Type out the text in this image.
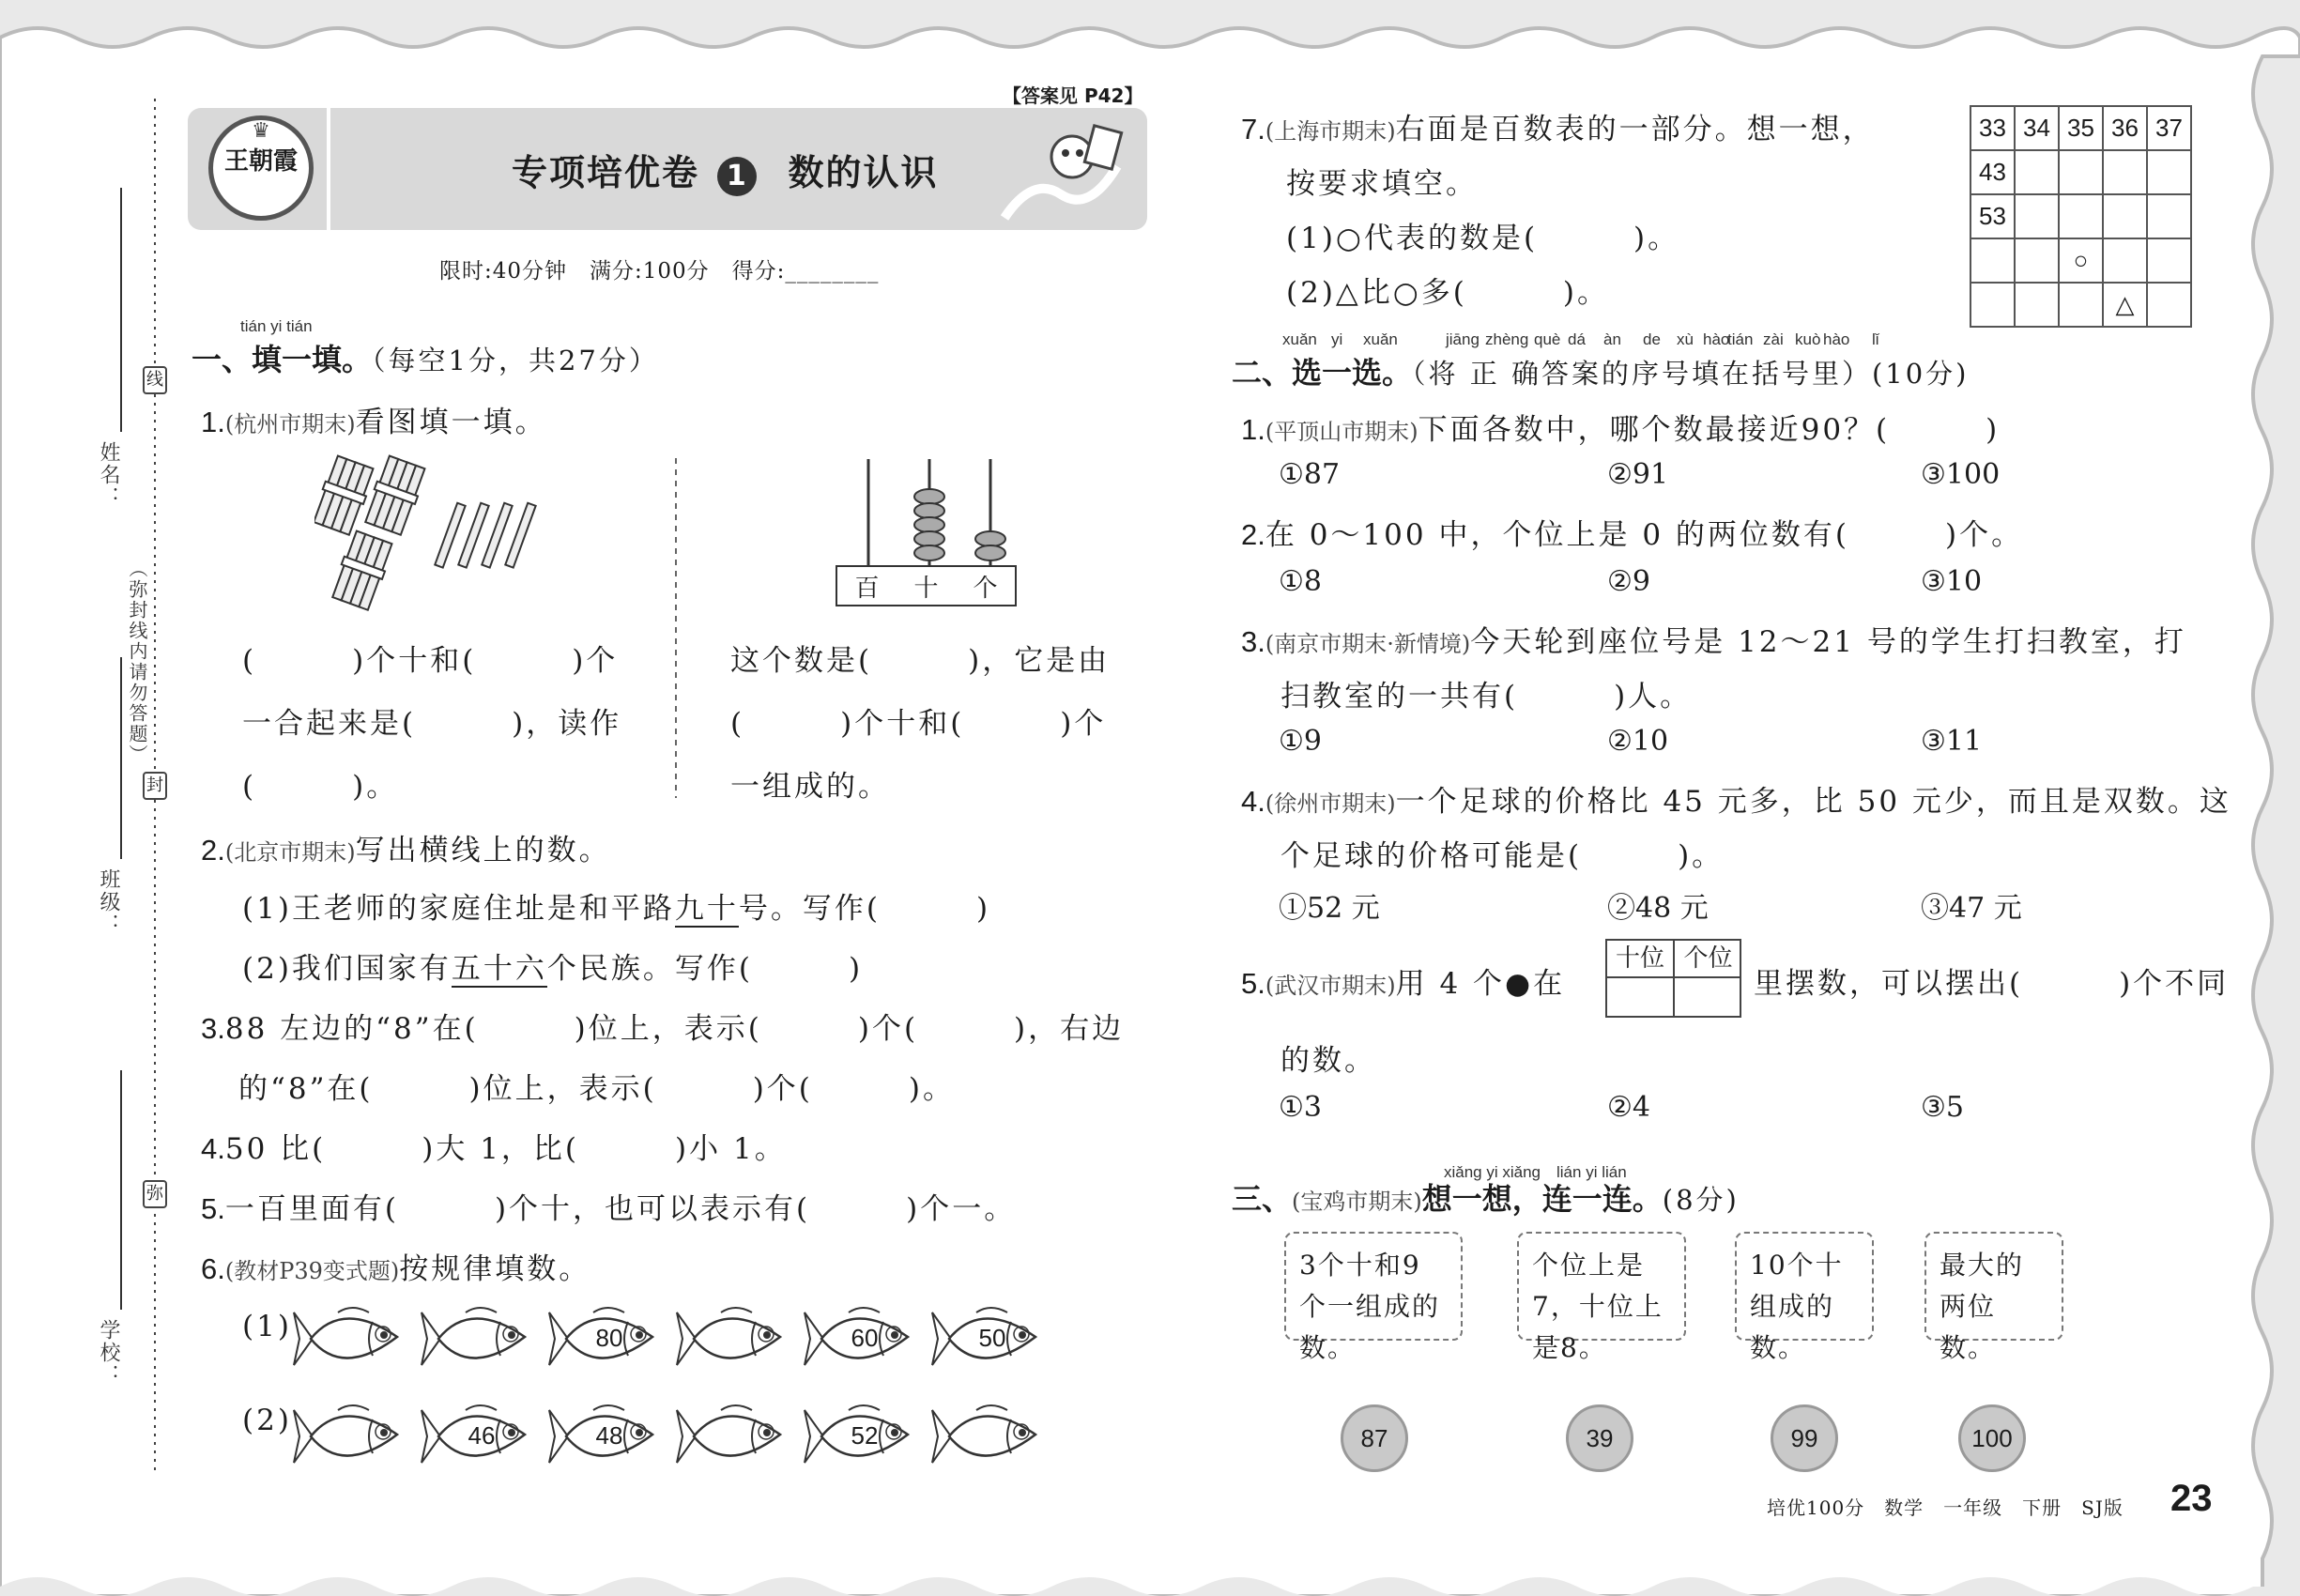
姓名：
班级：
学校：
（弥封线内请勿答题）
线
封
弥
♛
王朝霞	专项培优卷 1 数的认识
【答案见 P42】
限时:40分钟　满分:100分　得分:________
tián yi tián
一、填一填。（每空1分，共27分）
1.(杭州市期末)看图填一填。
百 十 个
(　　　)个十和(　　　)个
一合起来是(　　　)，读作
(　　　)。
这个数是(　　　)，它是由
(　　　)个十和(　　　)个
一组成的。
2.(北京市期末)写出横线上的数。
(1)王老师的家庭住址是和平路九十号。写作(　　　)
(2)我们国家有五十六个民族。写作(　　　)
3.88 左边的“8”在(　　　)位上，表示(　　　)个(　　　)，右边
的“8”在(　　　)位上，表示(　　　)个(　　　)。
4.50 比(　　　)大 1，比(　　　)小 1。
5.一百里面有(　　　)个十，也可以表示有(　　　)个一。
6.(教材P39变式题)按规律填数。
(1)
(2)
80	60	50
46	48	52
7.(上海市期末)右面是百数表的一部分。想一想，
按要求填空。
(1)○代表的数是(　　　)。
(2)△比○多(　　　)。
33	34	35	36	37
43				
53				
		○		
			△	
xuǎn yi xuǎn	jiāng zhèng què dá àn de xù hào
tián zài kuò hào lǐ
二、选一选。（将 正 确答案的序号填在括号里）(10分)
1.(平顶山市期末)下面各数中，哪个数最接近90？(　　　)
①87	②91	③100
2.在 0～100 中，个位上是 0 的两位数有(　　　)个。
①8	②9	③10
3.(南京市期末·新情境)今天轮到座位号是 12～21 号的学生打扫教室，打
扫教室的一共有(　　　)人。
①9	②10	③11
4.(徐州市期末)一个足球的价格比 45 元多，比 50 元少，而且是双数。这
个足球的价格可能是(　　　)。
①52 元	②48 元	③47 元
5.(武汉市期末)用 4 个●在
十位 个位
里摆数，可以摆出(　　　)个不同
的数。
①3	②4	③5
xiǎng yi xiǎng　lián yi lián
三、(宝鸡市期末)想一想，连一连。(8分)
3个十和9个一组成的数。
个位上是7，十位上是8。
10个十组成的数。
最大的两位数。
87	39	99	100
培优100分　数学　一年级　下册　SJ版 23
